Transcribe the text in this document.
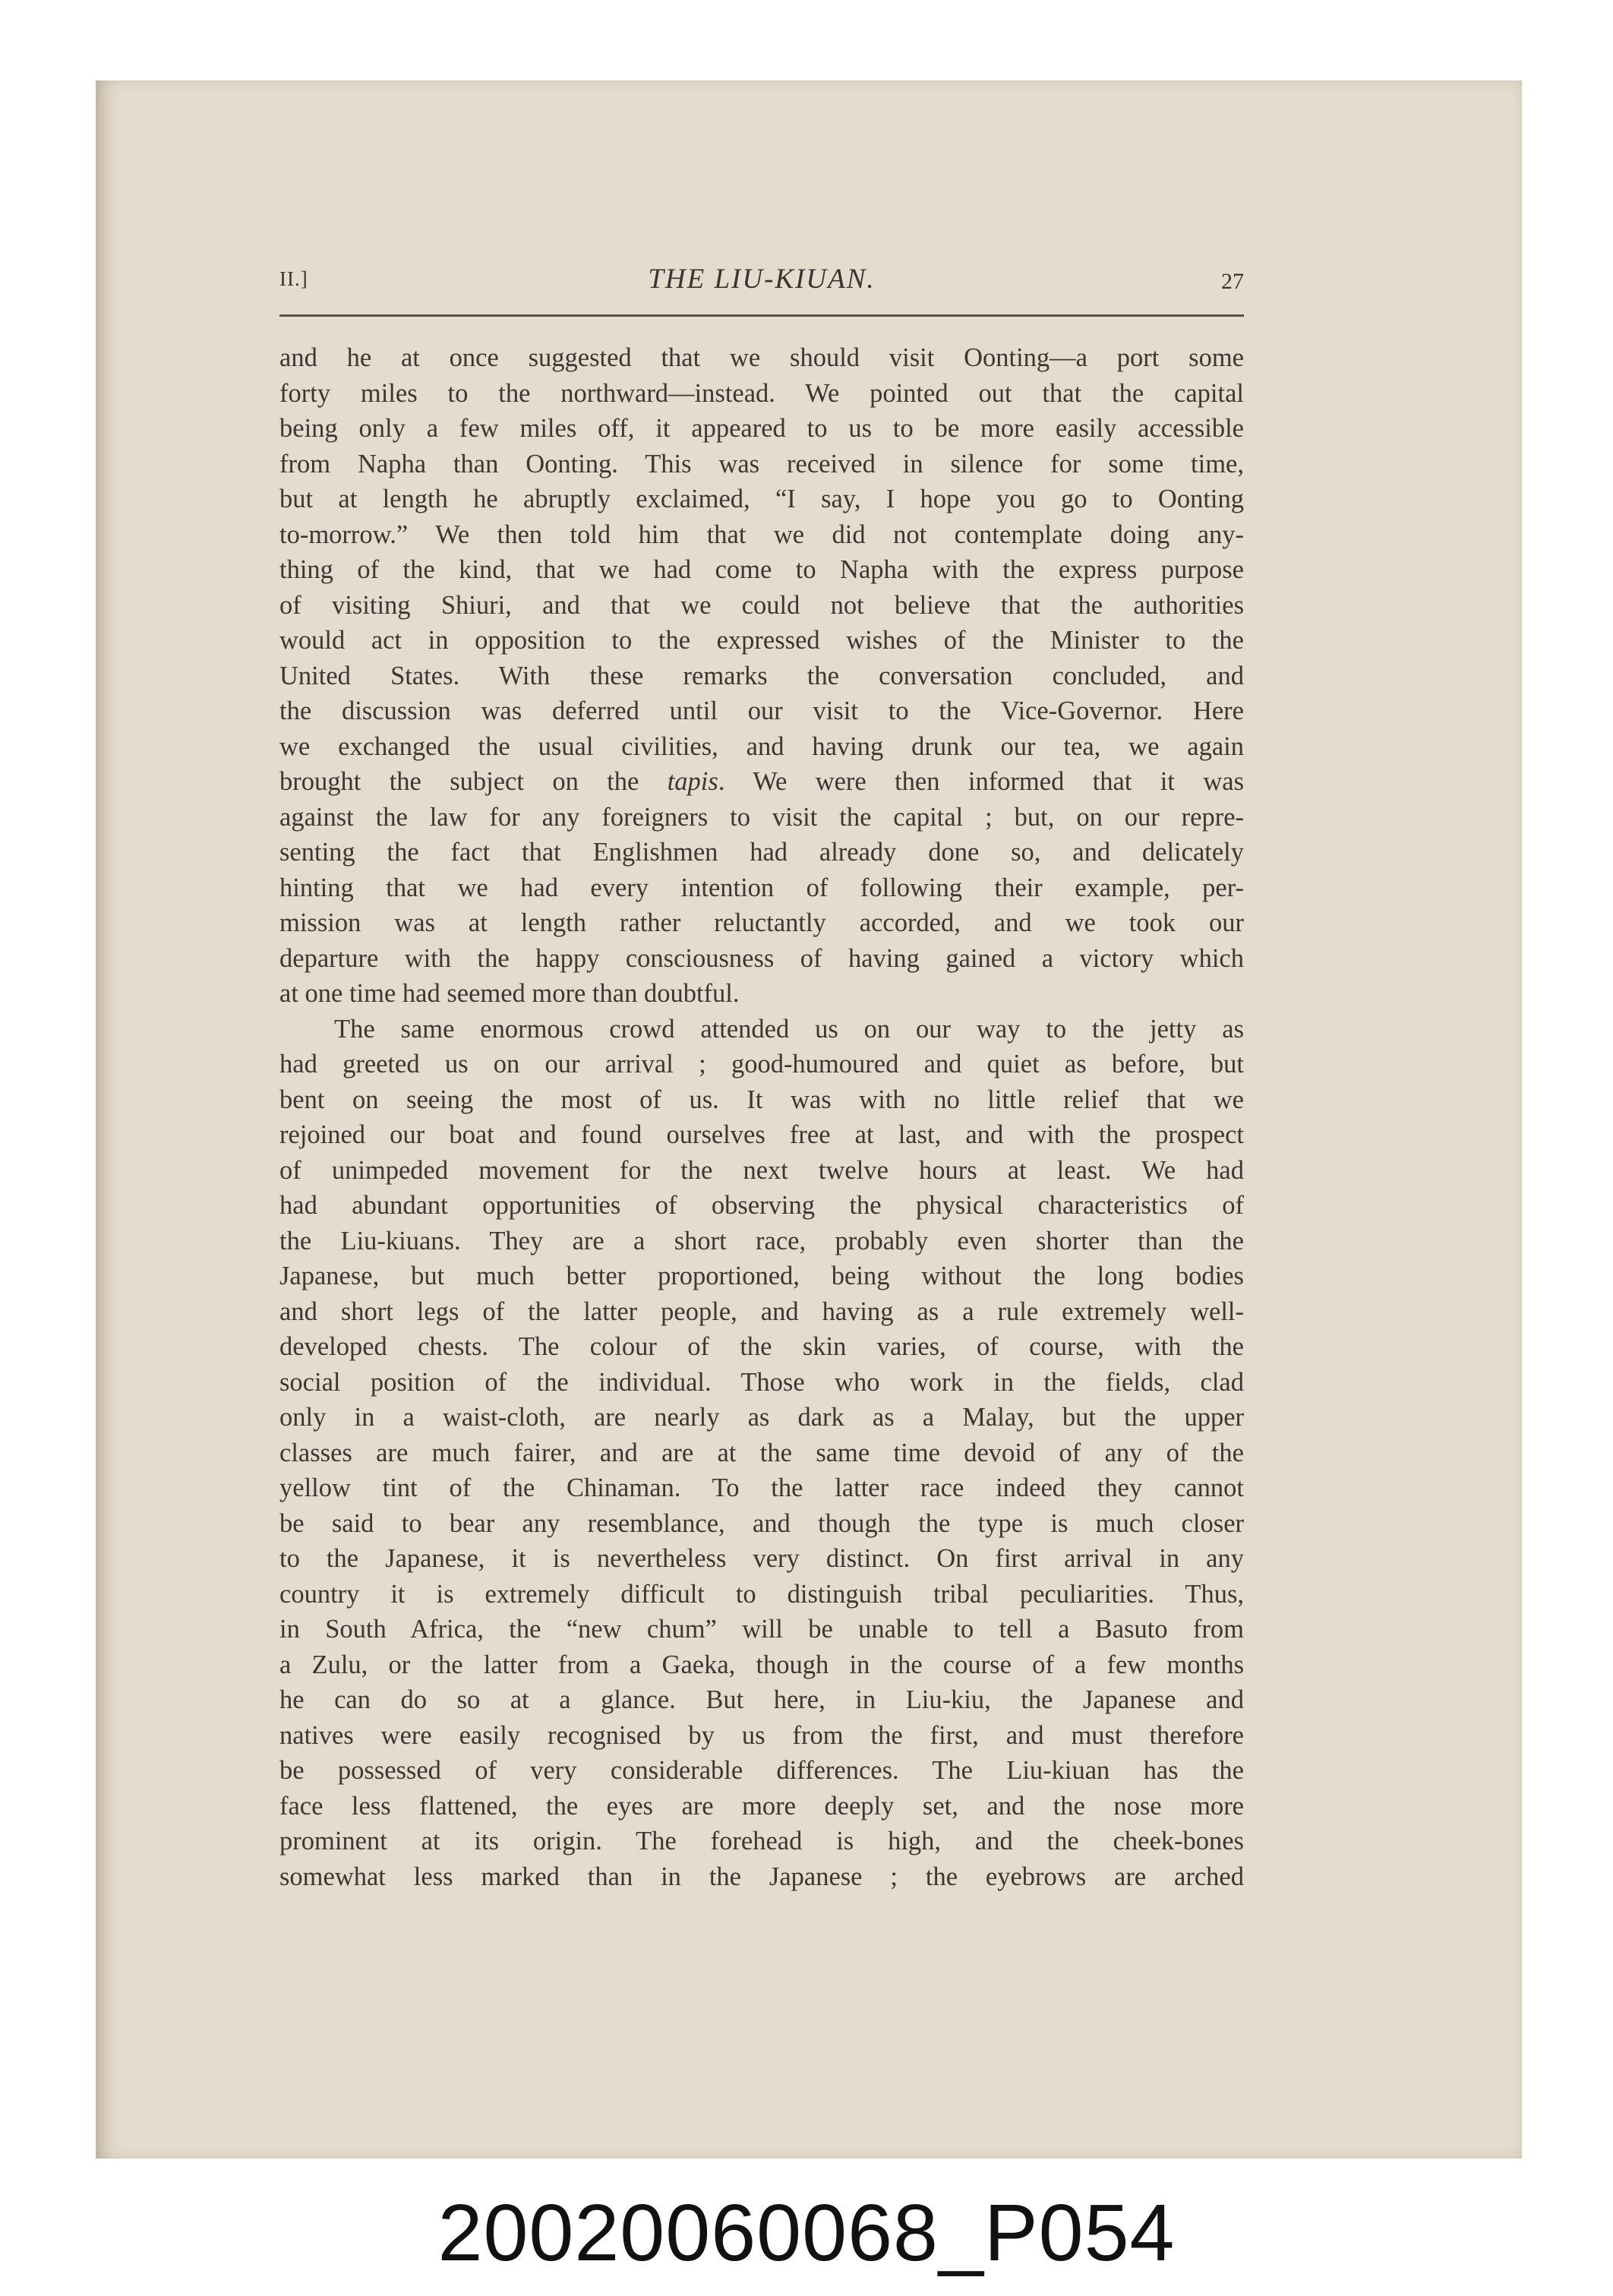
II.]	THE LIU-KIUAN.	27
and he at once suggested that we should visit Oonting—a port some
forty miles to the northward—instead. We pointed out that the capital
being only a few miles off, it appeared to us to be more easily accessible
from Napha than Oonting. This was received in silence for some time,
but at length he abruptly exclaimed, “I say, I hope you go to Oonting
to-morrow.” We then told him that we did not contemplate doing any-
thing of the kind, that we had come to Napha with the express purpose
of visiting Shiuri, and that we could not believe that the authorities
would act in opposition to the expressed wishes of the Minister to the
United States. With these remarks the conversation concluded, and
the discussion was deferred until our visit to the Vice-Governor. Here
we exchanged the usual civilities, and having drunk our tea, we again
brought the subject on the tapis. We were then informed that it was
against the law for any foreigners to visit the capital ; but, on our repre-
senting the fact that Englishmen had already done so, and delicately
hinting that we had every intention of following their example, per-
mission was at length rather reluctantly accorded, and we took our
departure with the happy consciousness of having gained a victory which
at one time had seemed more than doubtful.
The same enormous crowd attended us on our way to the jetty as
had greeted us on our arrival ; good-humoured and quiet as before, but
bent on seeing the most of us. It was with no little relief that we
rejoined our boat and found ourselves free at last, and with the prospect
of unimpeded movement for the next twelve hours at least. We had
had abundant opportunities of observing the physical characteristics of
the Liu-kiuans. They are a short race, probably even shorter than the
Japanese, but much better proportioned, being without the long bodies
and short legs of the latter people, and having as a rule extremely well-
developed chests. The colour of the skin varies, of course, with the
social position of the individual. Those who work in the fields, clad
only in a waist-cloth, are nearly as dark as a Malay, but the upper
classes are much fairer, and are at the same time devoid of any of the
yellow tint of the Chinaman. To the latter race indeed they cannot
be said to bear any resemblance, and though the type is much closer
to the Japanese, it is nevertheless very distinct. On first arrival in any
country it is extremely difficult to distinguish tribal peculiarities. Thus,
in South Africa, the “new chum” will be unable to tell a Basuto from
a Zulu, or the latter from a Gaeka, though in the course of a few months
he can do so at a glance. But here, in Liu-kiu, the Japanese and
natives were easily recognised by us from the first, and must therefore
be possessed of very considerable differences. The Liu-kiuan has the
face less flattened, the eyes are more deeply set, and the nose more
prominent at its origin. The forehead is high, and the cheek-bones
somewhat less marked than in the Japanese ; the eyebrows are arched
20020060068_P054
